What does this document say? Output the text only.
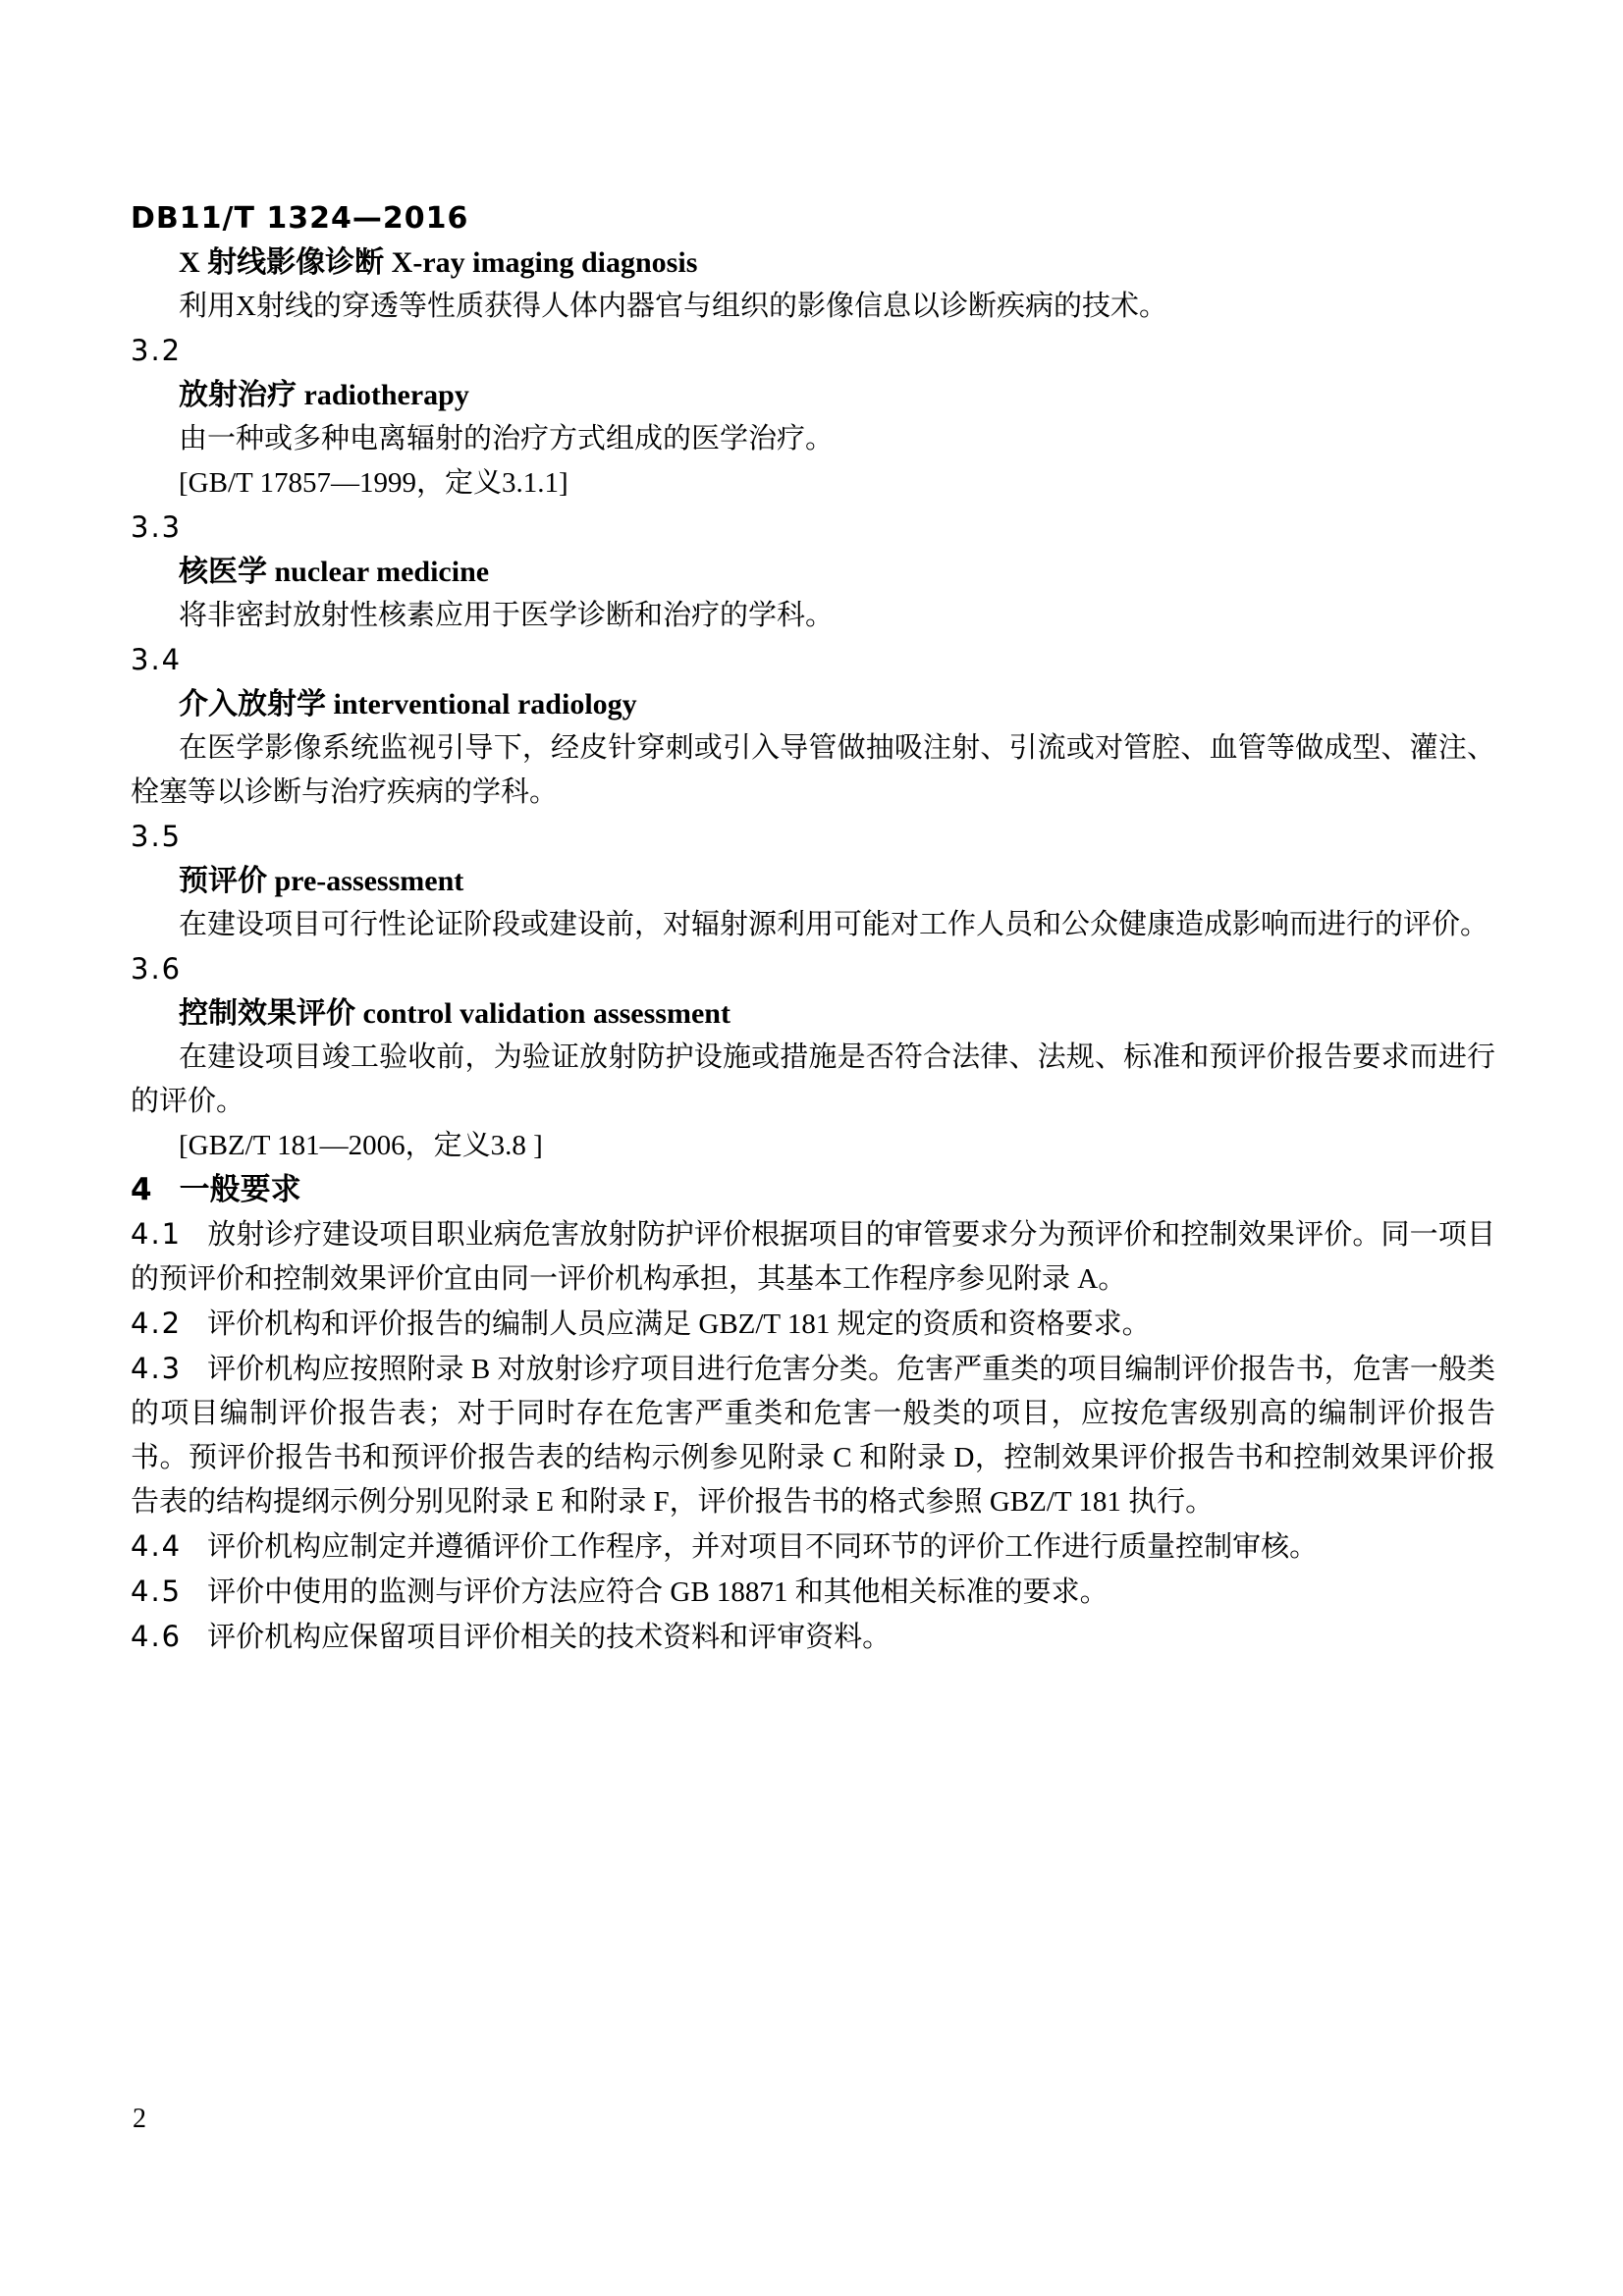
DB11/T 1324—2016

X 射线影像诊断 X-ray imaging diagnosis

利用X射线的穿透等性质获得人体内器官与组织的影像信息以诊断疾病的技术。

3.2

放射治疗 radiotherapy

由一种或多种电离辐射的治疗方式组成的医学治疗。

[GB/T 17857—1999，定义3.1.1]

3.3

核医学 nuclear medicine

将非密封放射性核素应用于医学诊断和治疗的学科。

3.4

介入放射学 interventional radiology

在医学影像系统监视引导下，经皮针穿刺或引入导管做抽吸注射、引流或对管腔、血管等做成型、灌注、栓塞等以诊断与治疗疾病的学科。

3.5

预评价 pre-assessment

在建设项目可行性论证阶段或建设前，对辐射源利用可能对工作人员和公众健康造成影响而进行的评价。

3.6

控制效果评价 control validation assessment

在建设项目竣工验收前，为验证放射防护设施或措施是否符合法律、法规、标准和预评价报告要求而进行的评价。

[GBZ/T 181—2006，定义3.8 ]

4 一般要求

4.1 放射诊疗建设项目职业病危害放射防护评价根据项目的审管要求分为预评价和控制效果评价。同一项目的预评价和控制效果评价宜由同一评价机构承担，其基本工作程序参见附录 A。

4.2 评价机构和评价报告的编制人员应满足 GBZ/T 181 规定的资质和资格要求。

4.3 评价机构应按照附录 B 对放射诊疗项目进行危害分类。危害严重类的项目编制评价报告书，危害一般类的项目编制评价报告表；对于同时存在危害严重类和危害一般类的项目，应按危害级别高的编制评价报告书。预评价报告书和预评价报告表的结构示例参见附录 C 和附录 D，控制效果评价报告书和控制效果评价报告表的结构提纲示例分别见附录 E 和附录 F，评价报告书的格式参照 GBZ/T 181 执行。

4.4 评价机构应制定并遵循评价工作程序，并对项目不同环节的评价工作进行质量控制审核。

4.5 评价中使用的监测与评价方法应符合 GB 18871 和其他相关标准的要求。

4.6 评价机构应保留项目评价相关的技术资料和评审资料。

2
